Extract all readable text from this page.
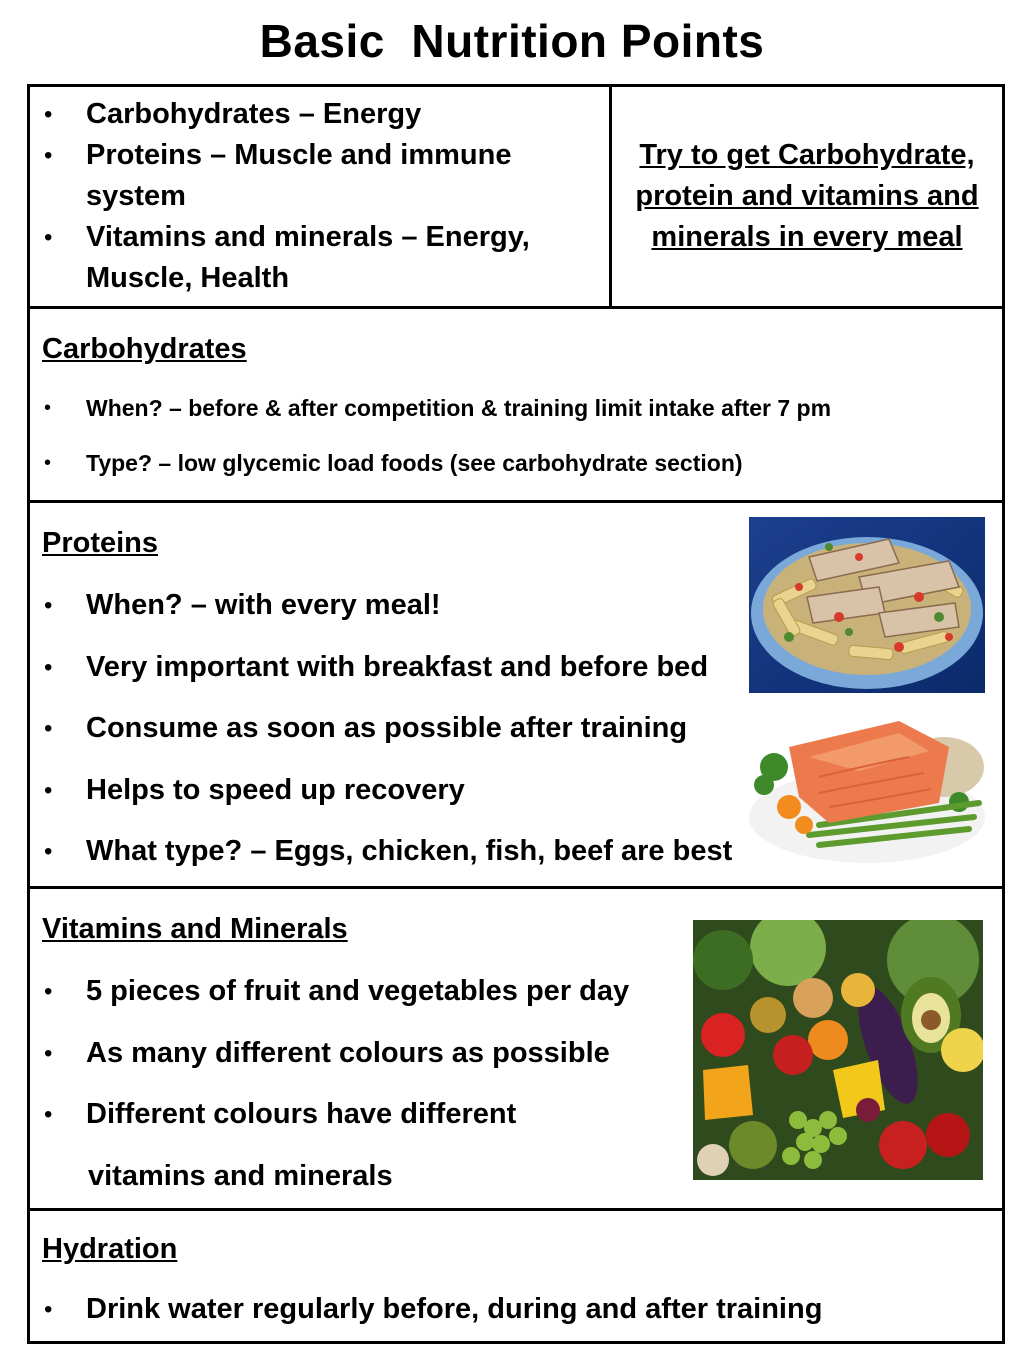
Basic  Nutrition Points
• Carbohydrates – Energy
• Proteins – Muscle and immune system
• Vitamins and minerals – Energy, Muscle, Health
Try to get Carbohydrate, protein and vitamins and minerals in every meal
Carbohydrates
• When? – before & after competition & training limit intake after 7 pm
• Type? – low glycemic load foods (see carbohydrate section)
Proteins
• When? – with every meal!
• Very important with breakfast and before bed
• Consume as soon as possible after training
• Helps to speed up recovery
• What type? – Eggs, chicken, fish, beef are best
Vitamins and Minerals
• 5 pieces of fruit and vegetables per day
• As many different colours as possible
• Different colours have different
vitamins and minerals
Hydration
• Drink water regularly before, during and after training
